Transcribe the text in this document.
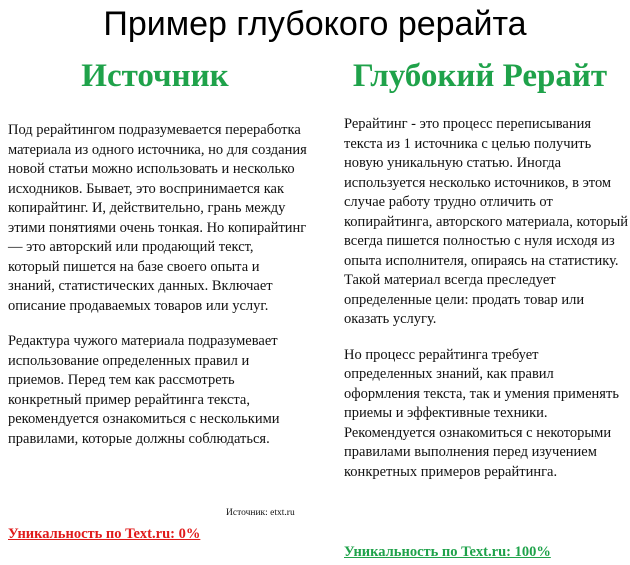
Пример глубокого рерайта
Источник	Глубокий Рерайт

Под рерайтингом подразумевается переработка материала из одного источника, но для создания новой статьи можно использовать и несколько исходников. Бывает, это воспринимается как копирайтинг. И, действительно, грань между этими понятиями очень тонкая. Но копирайтинг — это авторский или продающий текст, который пишется на базе своего опыта и знаний, статистических данных. Включает описание продаваемых товаров или услуг.

Редактура чужого материала подразумевает использование определенных правил и приемов. Перед тем как рассмотреть конкретный пример рерайтинга текста, рекомендуется ознакомиться с несколькими правилами, которые должны соблюдаться.

Источник: etxt.ru
Уникальность по Text.ru: 0%

Рерайтинг - это процесс переписывания текста из 1 источника с целью получить новую уникальную статью. Иногда используется несколько источников, в этом случае работу трудно отличить от копирайтинга, авторского материала, который всегда пишется полностью с нуля исходя из опыта исполнителя, опираясь на статистику. Такой материал всегда преследует определенные цели: продать товар или оказать услугу.

Но процесс рерайтинга требует определенных знаний, как правил оформления текста, так и умения применять приемы и эффективные техники. Рекомендуется ознакомиться с некоторыми правилами выполнения перед изучением конкретных примеров рерайтинга.

Уникальность по Text.ru: 100%
